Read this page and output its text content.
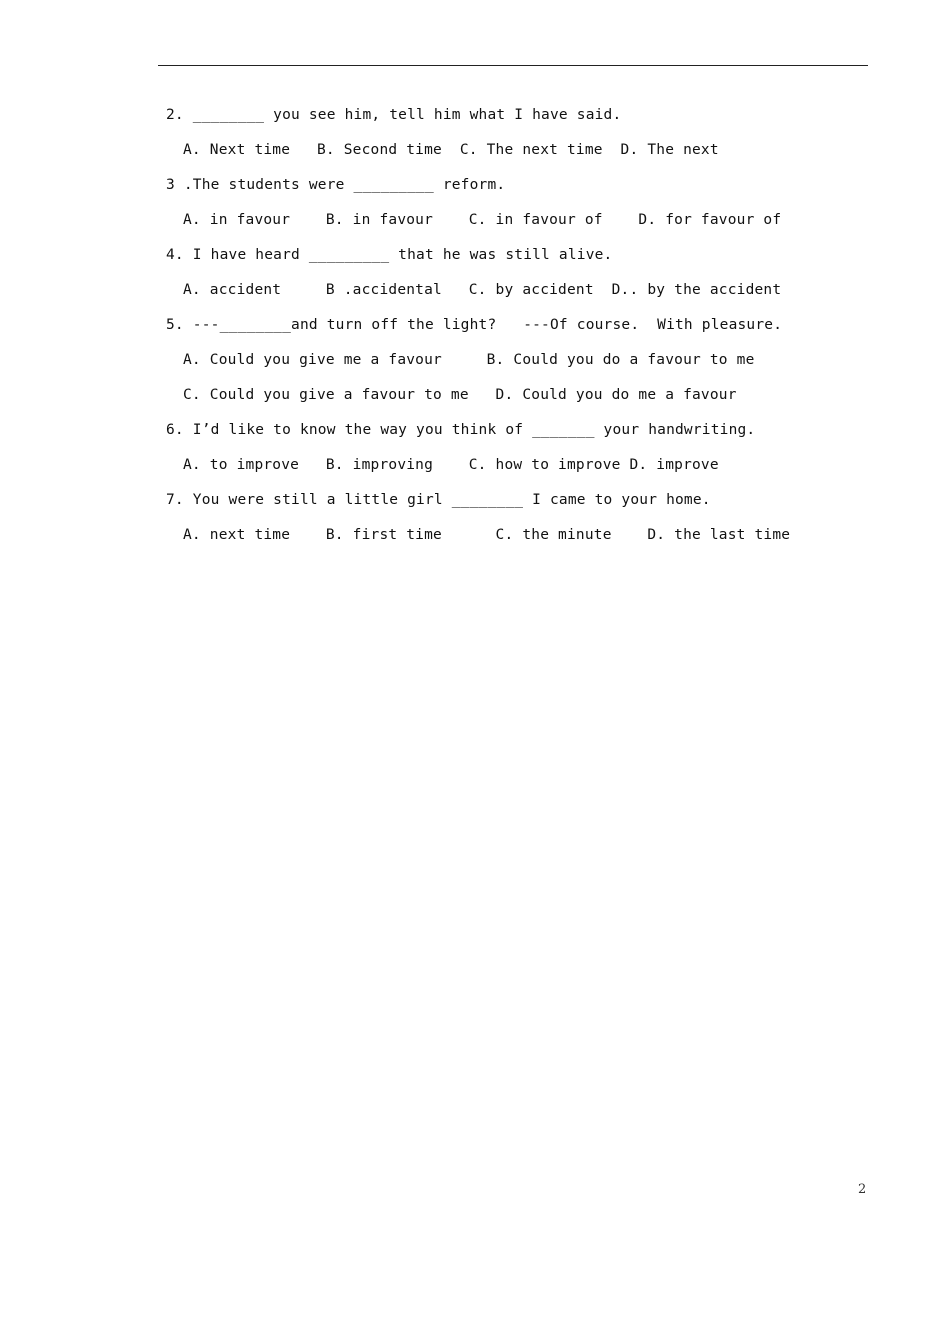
2. ________ you see him, tell him what I have said.
A. Next time   B. Second time  C. The next time  D. The next
3 .The students were _________ reform.
A. in favour    B. in favour    C. in favour of    D. for favour of
4. I have heard _________ that he was still alive.
A. accident     B .accidental   C. by accident  D.. by the accident
5. ---________and turn off the light?   ---Of course.  With pleasure.
A. Could you give me a favour     B. Could you do a favour to me
C. Could you give a favour to me   D. Could you do me a favour
6. I’d like to know the way you think of _______ your handwriting.
A. to improve   B. improving    C. how to improve D. improve
7. You were still a little girl ________ I came to your home.
A. next time    B. first time      C. the minute    D. the last time
2
